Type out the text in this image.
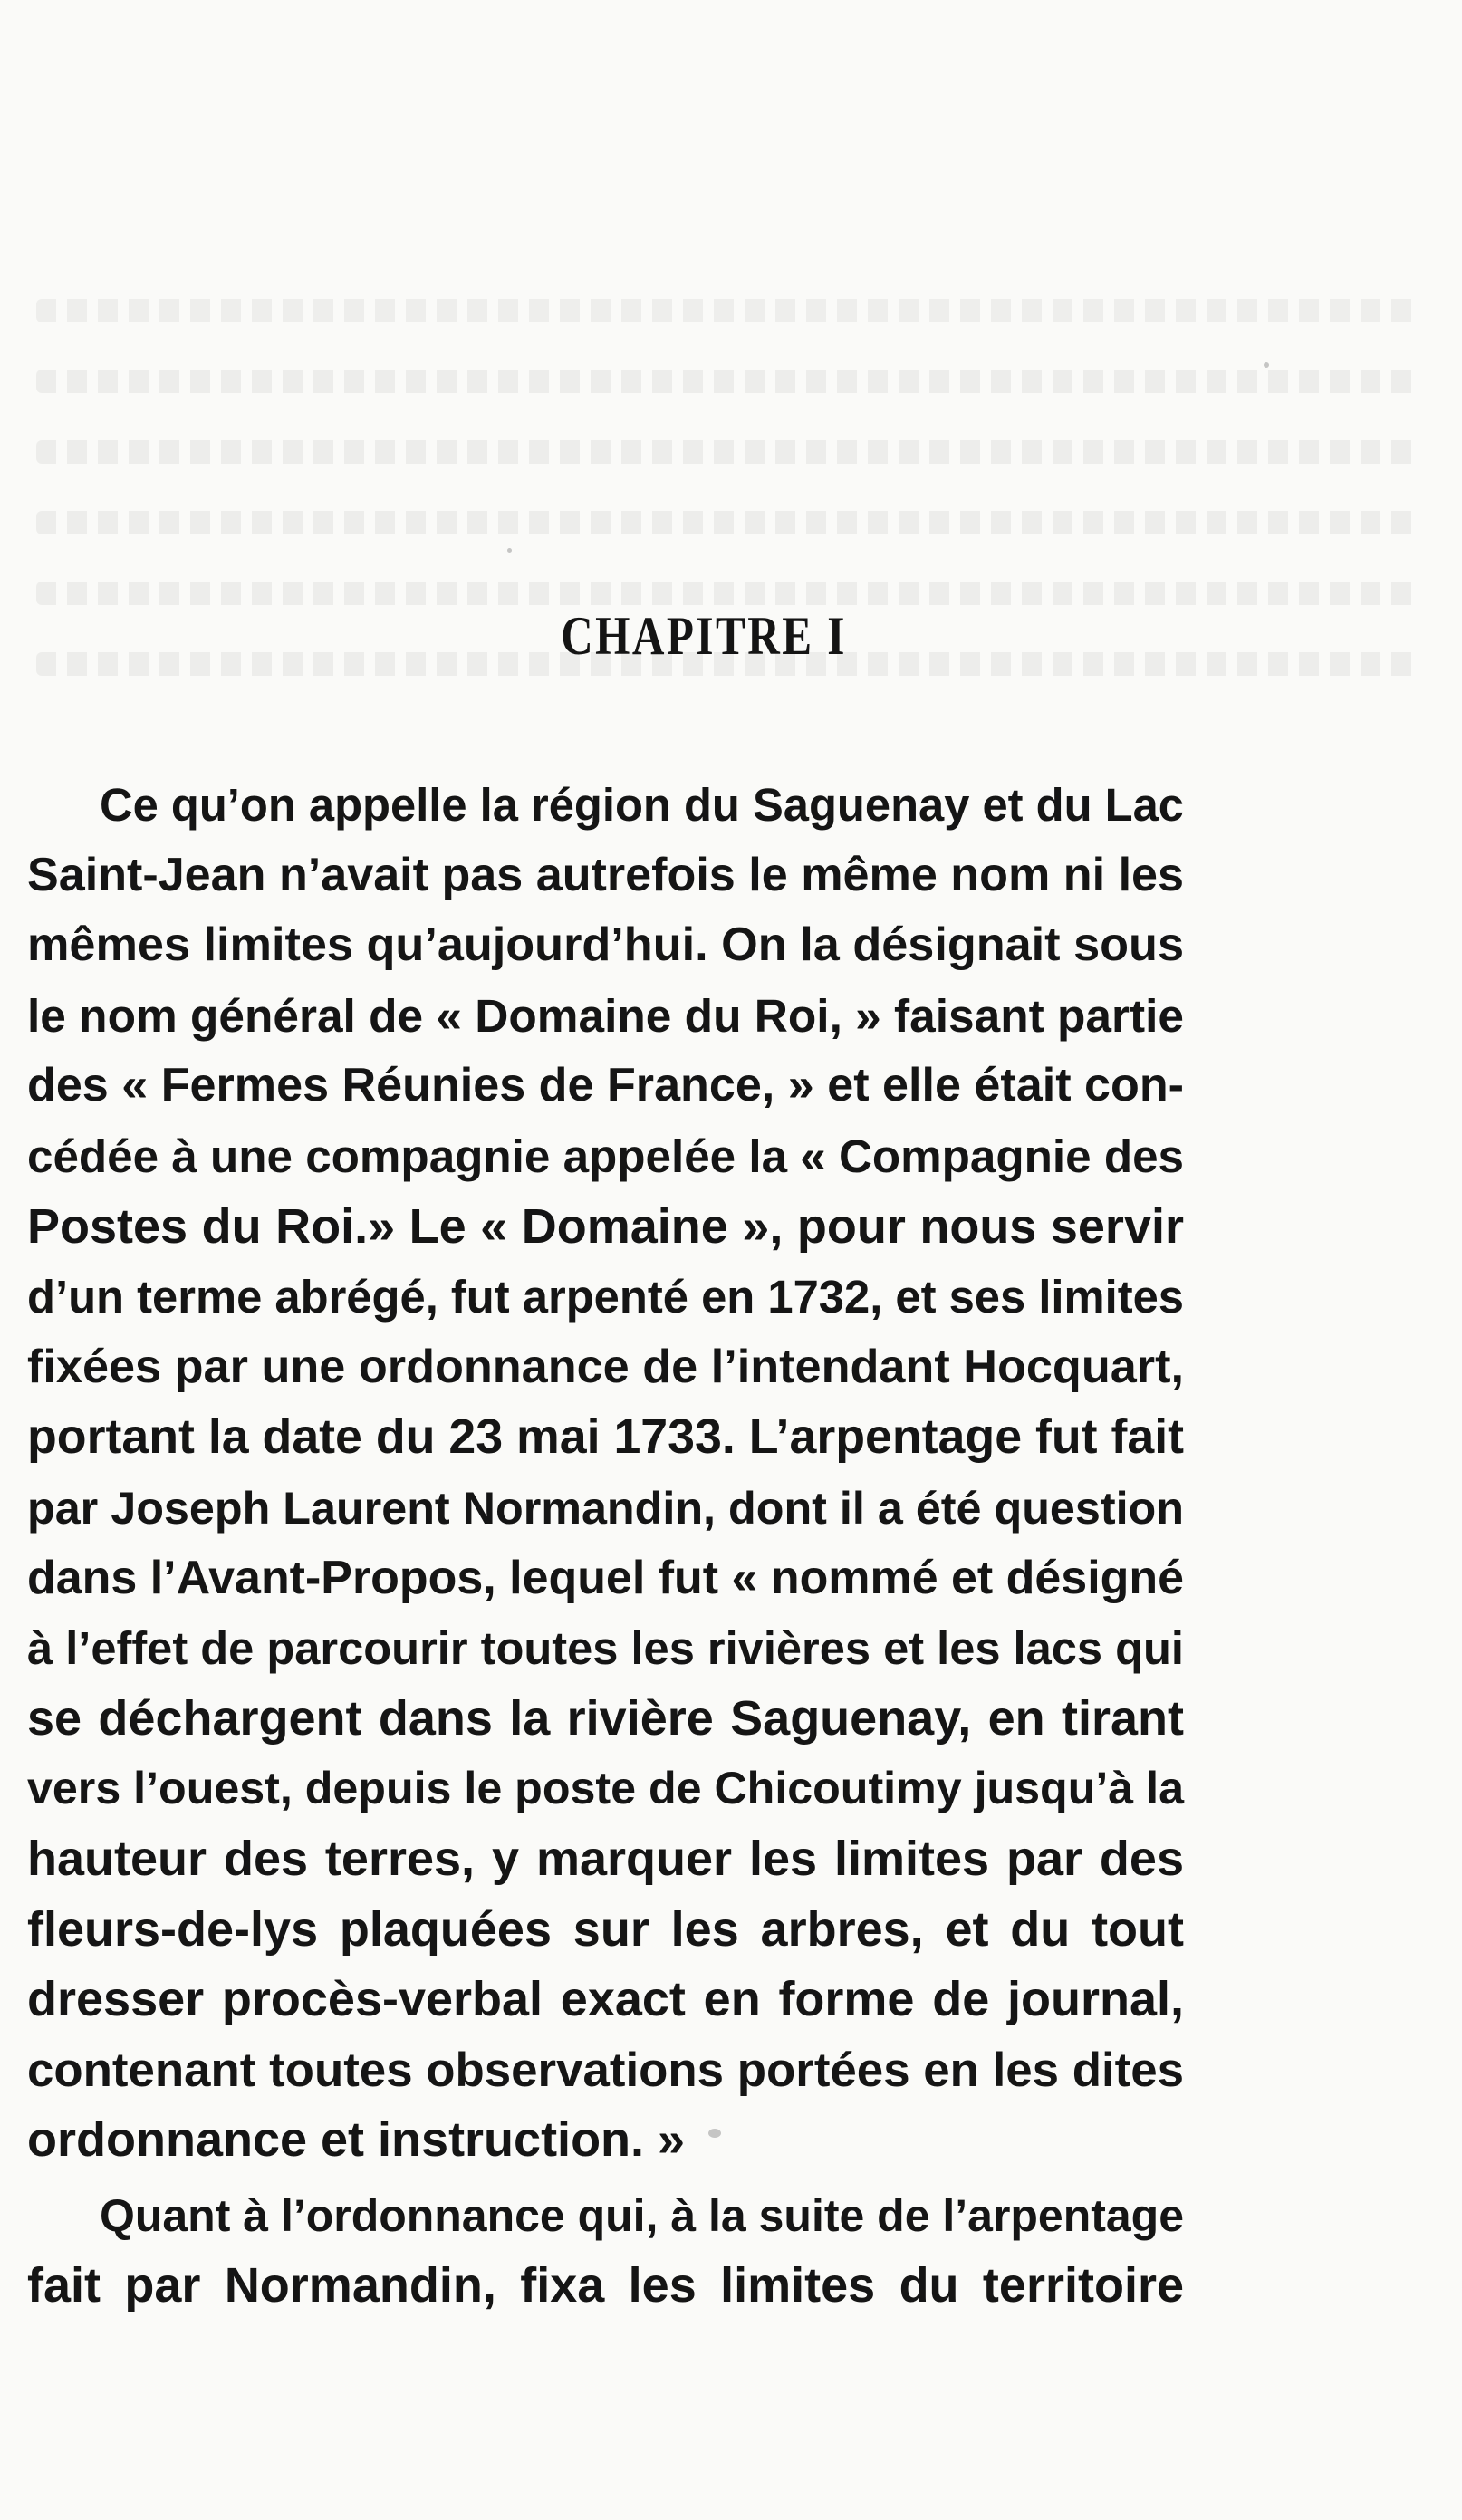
CHAPITRE I
Ce qu’on appelle la région du Saguenay et du Lac
Saint-Jean n’avait pas autrefois le même nom ni les
mêmes limites qu’aujourd’hui. On la désignait sous
le nom général de « Domaine du Roi, » faisant partie
des « Fermes Réunies de France, » et elle était con-
cédée à une compagnie appelée la « Compagnie des
Postes du Roi.» Le « Domaine », pour nous servir
d’un terme abrégé, fut arpenté en 1732, et ses limites
fixées par une ordonnance de l’intendant Hocquart,
portant la date du 23 mai 1733. L’arpentage fut fait
par Joseph Laurent Normandin, dont il a été question
dans l’Avant-Propos, lequel fut « nommé et désigné
à l’effet de parcourir toutes les rivières et les lacs qui
se déchargent dans la rivière Saguenay, en tirant
vers l’ouest, depuis le poste de Chicoutimy jusqu’à la
hauteur des terres, y marquer les limites par des
fleurs-de-lys plaquées sur les arbres, et du tout
dresser procès-verbal exact en forme de journal,
contenant toutes observations portées en les dites
ordonnance et instruction. »
Quant à l’ordonnance qui, à la suite de l’arpentage
fait par Normandin, fixa les limites du territoire
